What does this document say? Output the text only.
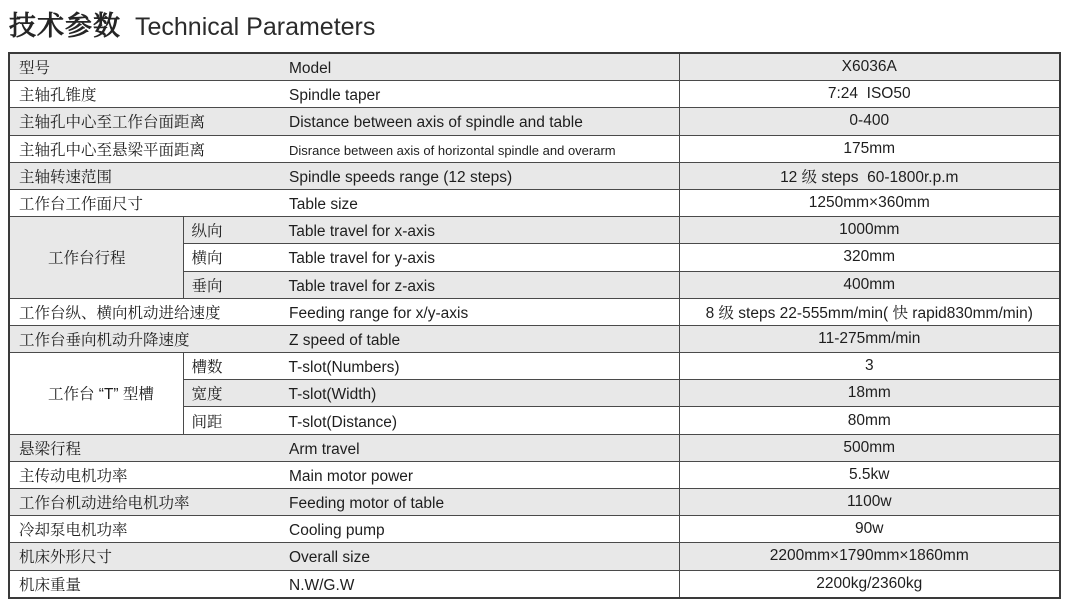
技术参数 Technical Parameters
型号 Model		X6036A
主轴孔锥度 Spindle taper		7:24  ISO50
主轴孔中心至工作台面距离 Distance between axis of spindle and table		0-400
主轴孔中心至悬梁平面距离 Disrance between axis of horizontal spindle and overarm		175mm
主轴转速范围 Spindle speeds range (12 steps)		12 级 steps  60-1800r.p.m
工作台工作面尺寸 Table size		1250mm×360mm
工作台行程	纵向 Table travel for x-axis	1000mm
	横向 Table travel for y-axis	320mm
	垂向 Table travel for z-axis	400mm
工作台纵、横向机动进给速度 Feeding range for x/y-axis		8 级 steps 22-555mm/min( 快 rapid830mm/min)
工作台垂向机动升降速度 Z speed of table		11-275mm/min
工作台 “T” 型槽	槽数 T-slot(Numbers)	3
	宽度 T-slot(Width)	18mm
	间距 T-slot(Distance)	80mm
悬梁行程 Arm travel		500mm
主传动电机功率 Main motor power		5.5kw
工作台机动进给电机功率 Feeding motor of table		1100w
冷却泵电机功率 Cooling pump		90w
机床外形尺寸 Overall size		2200mm×1790mm×1860mm
机床重量 N.W/G.W		2200kg/2360kg
